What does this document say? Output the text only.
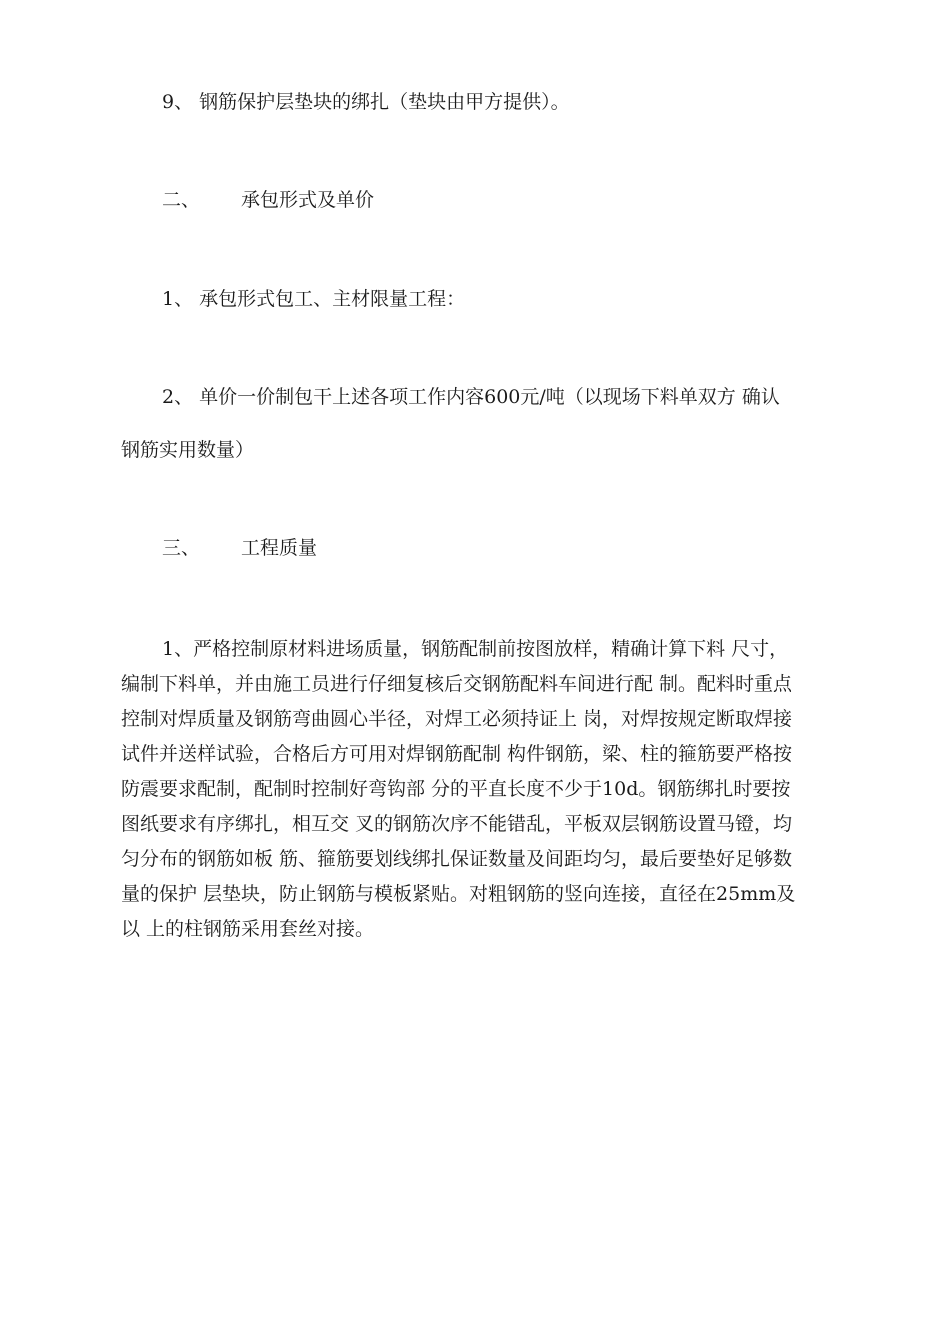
9、 钢筋保护层垫块的绑扎（垫块由甲方提供）。
二、 承包形式及单价
1、 承包形式包工、主材限量工程：
2、 单价一价制包干上述各项工作内容600元/吨（以现场下料单双方 确认
钢筋实用数量）
三、 工程质量
1、严格控制原材料进场质量，钢筋配制前按图放样，精确计算下料 尺寸，
编制下料单，并由施工员进行仔细复核后交钢筋配料车间进行配 制。配料时重点
控制对焊质量及钢筋弯曲圆心半径，对焊工必须持证上 岗，对焊按规定断取焊接
试件并送样试验，合格后方可用对焊钢筋配制 构件钢筋，梁、柱的箍筋要严格按
防震要求配制，配制时控制好弯钩部 分的平直长度不少于10d。钢筋绑扎时要按
图纸要求有序绑扎，相互交 叉的钢筋次序不能错乱，平板双层钢筋设置马镫，均
匀分布的钢筋如板 筋、箍筋要划线绑扎保证数量及间距均匀，最后要垫好足够数
量的保护 层垫块，防止钢筋与模板紧贴。对粗钢筋的竖向连接，直径在25mm及
以 上的柱钢筋采用套丝对接。
